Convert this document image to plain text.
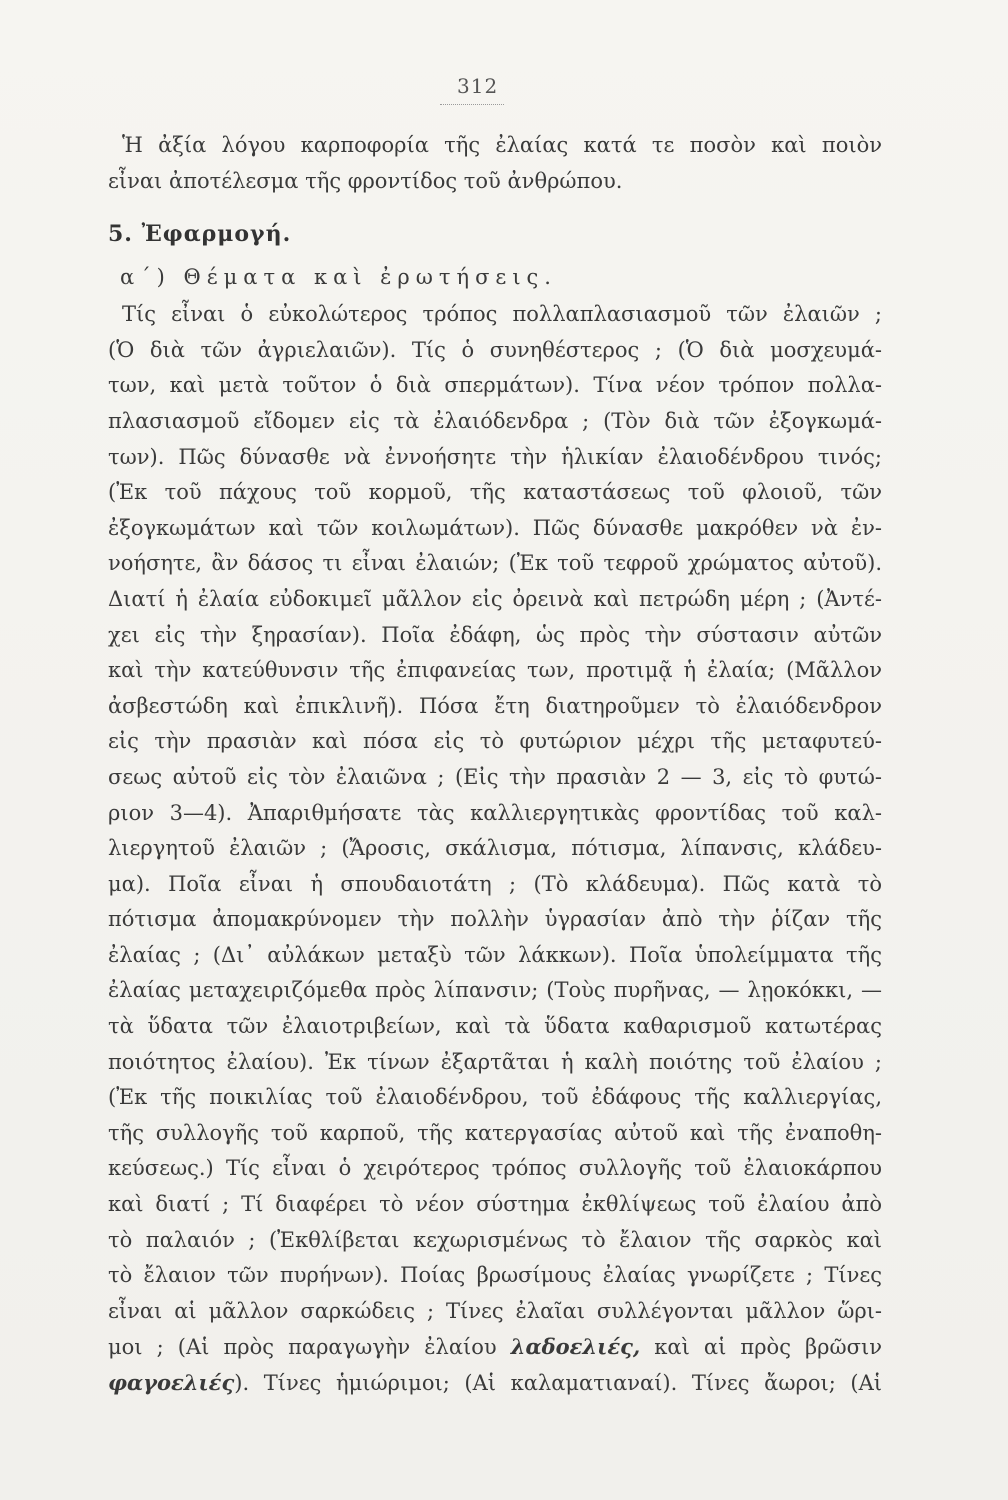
312
Ἡ ἀξία λόγου καρποφορία τῆς ἐλαίας κατά τε ποσὸν καὶ ποιὸν
εἶναι ἀποτέλεσμα τῆς φροντίδος τοῦ ἀνθρώπου.
5. Ἐφαρμογή.
α΄) Θέματα καὶ ἐρωτήσεις.
Τίς εἶναι ὁ εὐκολώτερος τρόπος πολλαπλασιασμοῦ τῶν ἐλαιῶν ;
(Ὁ διὰ τῶν ἀγριελαιῶν). Τίς ὁ συνηθέστερος ; (Ὁ διὰ μοσχευμά-
των, καὶ μετὰ τοῦτον ὁ διὰ σπερμάτων). Τίνα νέον τρόπον πολλα-
πλασιασμοῦ εἴδομεν εἰς τὰ ἐλαιόδενδρα ; (Τὸν διὰ τῶν ἐξογκωμά-
των). Πῶς δύνασθε νὰ ἐννοήσητε τὴν ἡλικίαν ἐλαιοδένδρου τινός;
(Ἐκ τοῦ πάχους τοῦ κορμοῦ, τῆς καταστάσεως τοῦ φλοιοῦ, τῶν
ἐξογκωμάτων καὶ τῶν κοιλωμάτων). Πῶς δύνασθε μακρόθεν νὰ ἐν-
νοήσητε, ἂν δάσος τι εἶναι ἐλαιών; (Ἐκ τοῦ τεφροῦ χρώματος αὐτοῦ).
Διατί ἡ ἐλαία εὐδοκιμεῖ μᾶλλον εἰς ὀρεινὰ καὶ πετρώδη μέρη ; (Ἀντέ-
χει εἰς τὴν ξηρασίαν). Ποῖα ἐδάφη, ὡς πρὸς τὴν σύστασιν αὐτῶν
καὶ τὴν κατεύθυνσιν τῆς ἐπιφανείας των, προτιμᾷ ἡ ἐλαία; (Μᾶλλον
ἀσβεστώδη καὶ ἐπικλινῆ). Πόσα ἔτη διατηροῦμεν τὸ ἐλαιόδενδρον
εἰς τὴν πρασιὰν καὶ πόσα εἰς τὸ φυτώριον μέχρι τῆς μεταφυτεύ-
σεως αὐτοῦ εἰς τὸν ἐλαιῶνα ; (Εἰς τὴν πρασιὰν 2 — 3, εἰς τὸ φυτώ-
ριον 3—4). Ἀπαριθμήσατε τὰς καλλιεργητικὰς φροντίδας τοῦ καλ-
λιεργητοῦ ἐλαιῶν ; (Ἄροσις, σκάλισμα, πότισμα, λίπανσις, κλάδευ-
μα). Ποῖα εἶναι ἡ σπουδαιοτάτη ; (Τὸ κλάδευμα). Πῶς κατὰ τὸ
πότισμα ἀπομακρύνομεν τὴν πολλὴν ὑγρασίαν ἀπὸ τὴν ῥίζαν τῆς
ἐλαίας ; (Δι᾿ αὐλάκων μεταξὺ τῶν λάκκων). Ποῖα ὑπολείμματα τῆς
ἐλαίας μεταχειριζόμεθα πρὸς λίπανσιν; (Τοὺς πυρῆνας, — λῃοκόκκι, —
τὰ ὕδατα τῶν ἐλαιοτριβείων, καὶ τὰ ὕδατα καθαρισμοῦ κατωτέρας
ποιότητος ἐλαίου). Ἐκ τίνων ἐξαρτᾶται ἡ καλὴ ποιότης τοῦ ἐλαίου ;
(Ἐκ τῆς ποικιλίας τοῦ ἐλαιοδένδρου, τοῦ ἐδάφους τῆς καλλιεργίας,
τῆς συλλογῆς τοῦ καρποῦ, τῆς κατεργασίας αὐτοῦ καὶ τῆς ἐναποθη-
κεύσεως.) Τίς εἶναι ὁ χειρότερος τρόπος συλλογῆς τοῦ ἐλαιοκάρπου
καὶ διατί ; Τί διαφέρει τὸ νέον σύστημα ἐκθλίψεως τοῦ ἐλαίου ἀπὸ
τὸ παλαιόν ; (Ἐκθλίβεται κεχωρισμένως τὸ ἔλαιον τῆς σαρκὸς καὶ
τὸ ἔλαιον τῶν πυρήνων). Ποίας βρωσίμους ἐλαίας γνωρίζετε ; Τίνες
εἶναι αἱ μᾶλλον σαρκώδεις ; Τίνες ἐλαῖαι συλλέγονται μᾶλλον ὥρι-
μοι ; (Αἱ πρὸς παραγωγὴν ἐλαίου λαδοελιές, καὶ αἱ πρὸς βρῶσιν
φαγοελιές). Τίνες ἡμιώριμοι; (Αἱ καλαματιαναί). Τίνες ἄωροι; (Αἱ
